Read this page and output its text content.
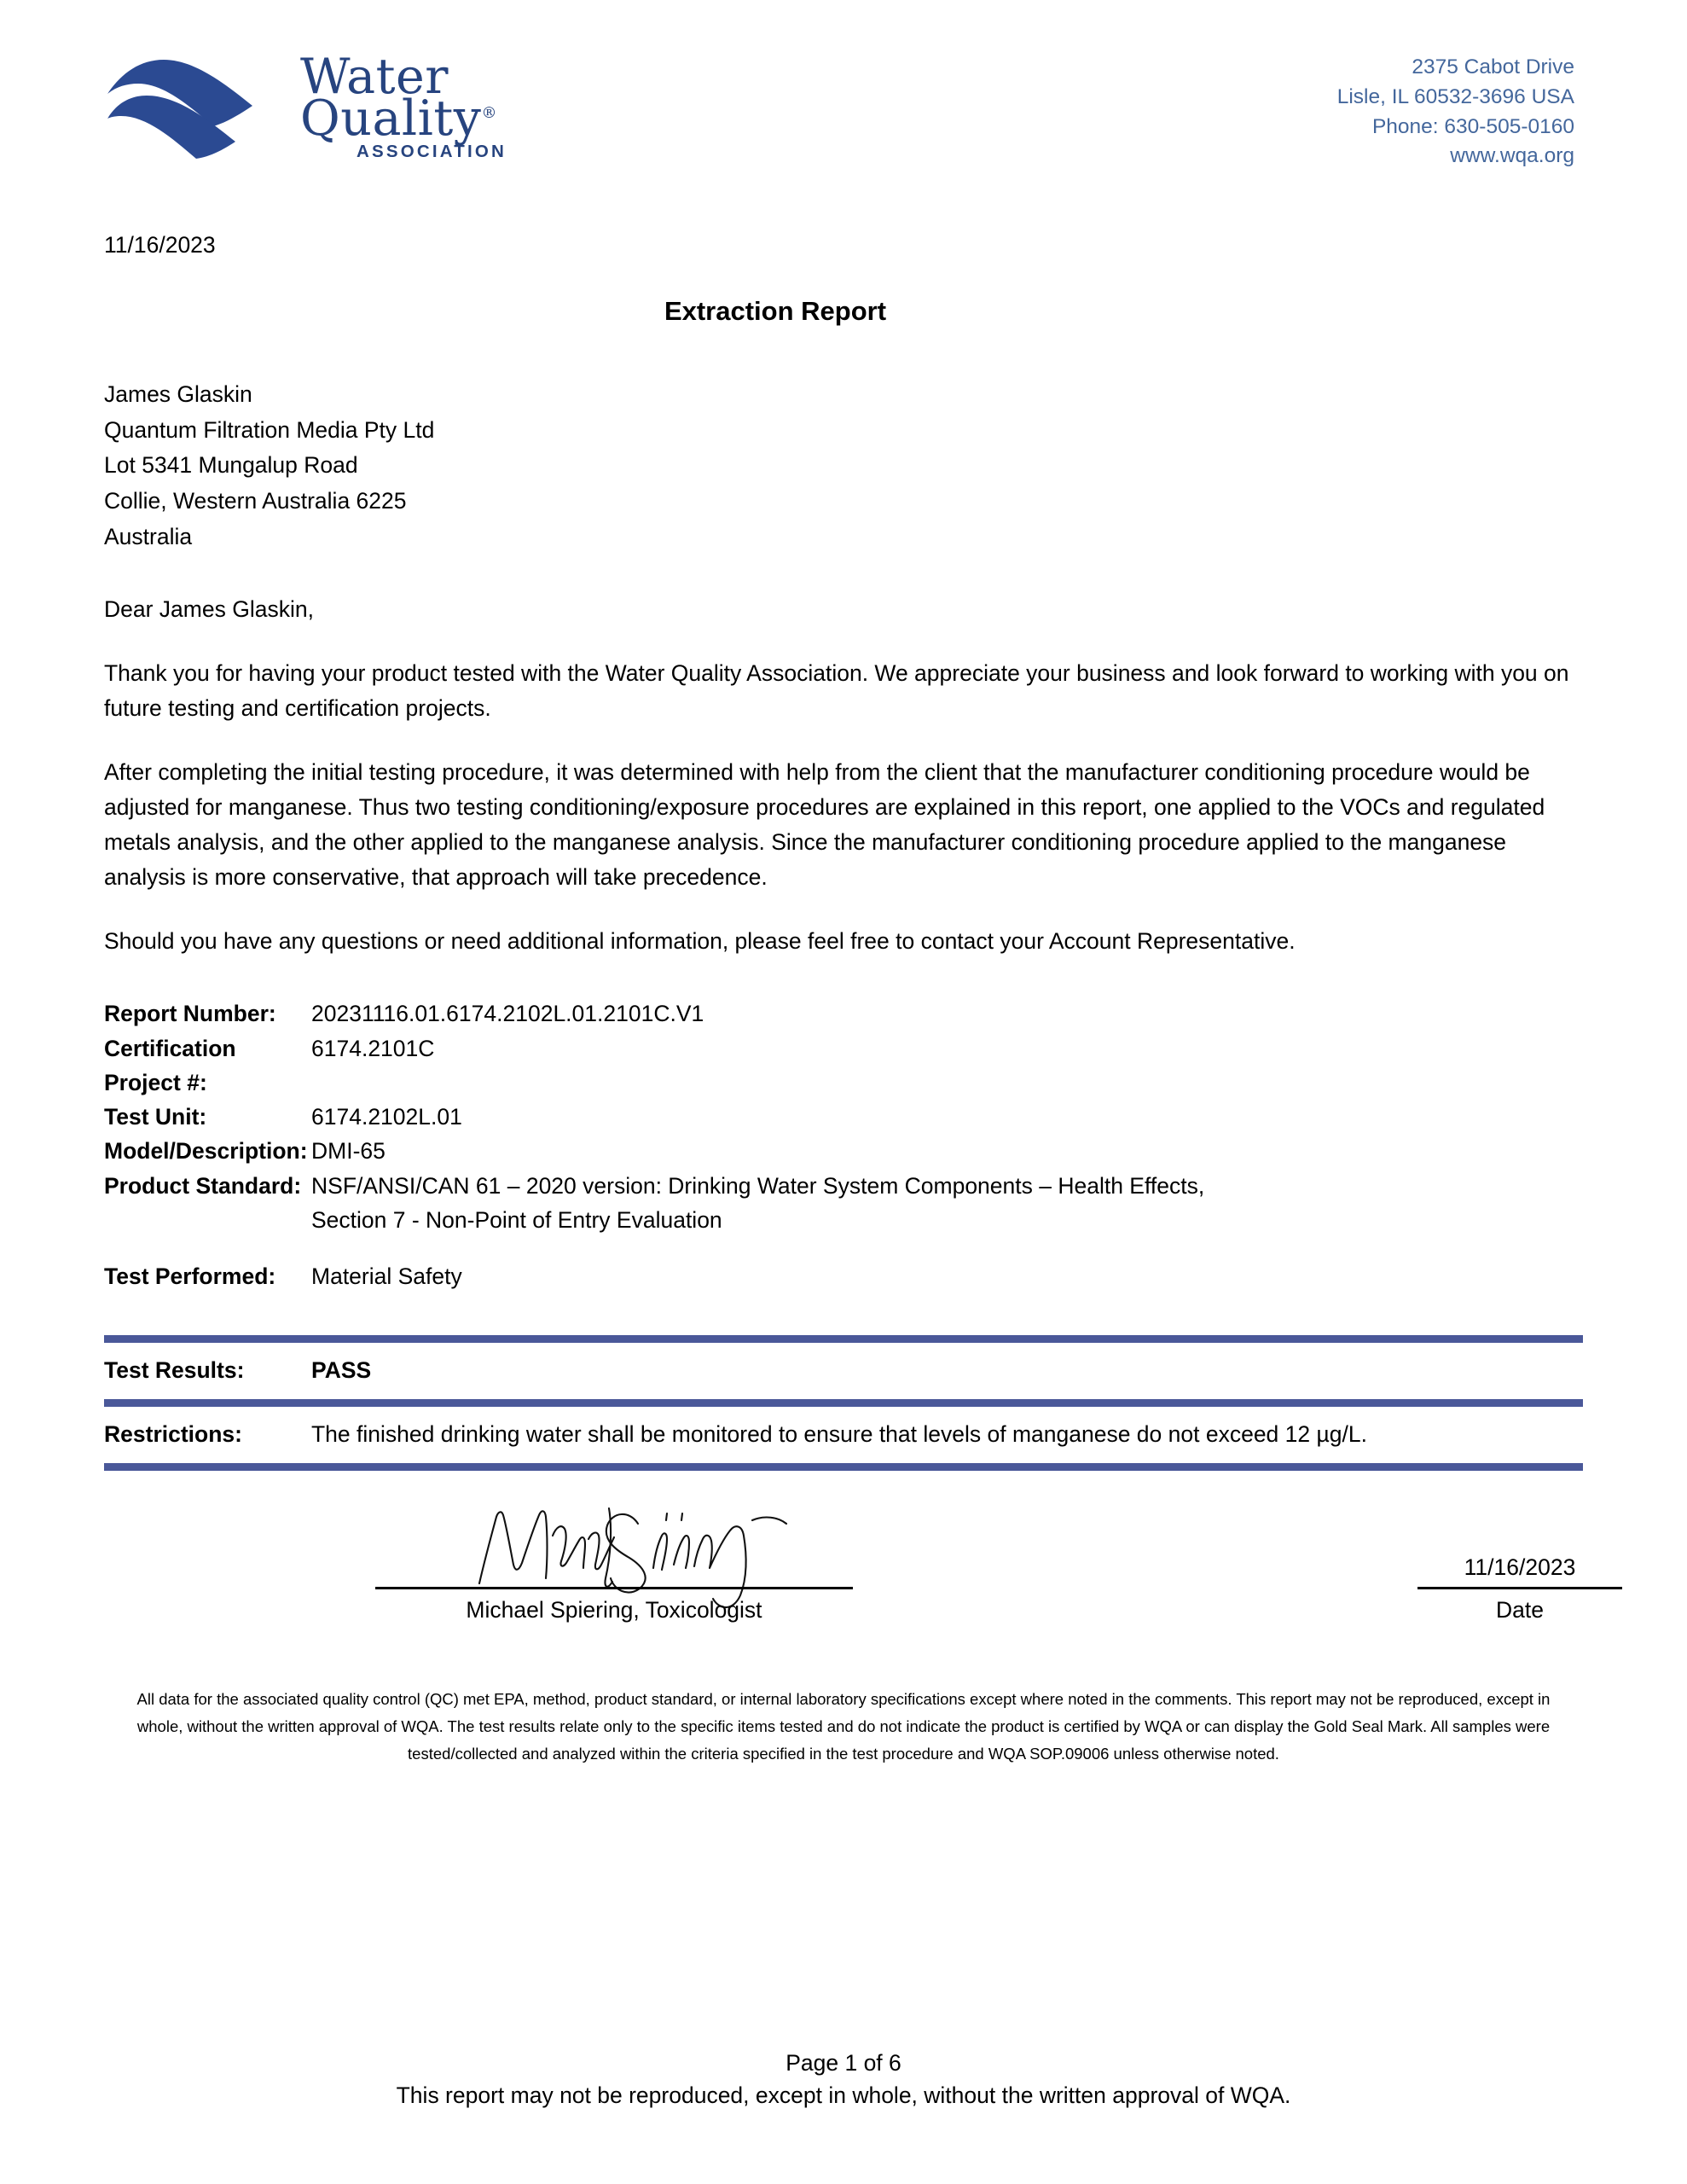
Water
Quality®
ASSOCIATION
2375 Cabot Drive
Lisle, IL 60532-3696 USA
Phone: 630-505-0160
www.wqa.org
11/16/2023
Extraction Report
James Glaskin
Quantum Filtration Media Pty Ltd
Lot 5341 Mungalup Road
Collie, Western Australia 6225
Australia
Dear James Glaskin,
Thank you for having your product tested with the Water Quality Association. We appreciate your business and look forward to working with you on future testing and certification projects.
After completing the initial testing procedure, it was determined with help from the client that the manufacturer conditioning procedure would be adjusted for manganese. Thus two testing conditioning/exposure procedures are explained in this report, one applied to the VOCs and regulated metals analysis, and the other applied to the manganese analysis. Since the manufacturer conditioning procedure applied to the manganese analysis is more conservative, that approach will take precedence.
Should you have any questions or need additional information, please feel free to contact your Account Representative.
Report Number:	20231116.01.6174.2102L.01.2101C.V1
Certification Project #:
6174.2101C
Test Unit:	6174.2102L.01
Model/Description: DMI-65
Product Standard: NSF/ANSI/CAN 61 – 2020 version: Drinking Water System Components – Health Effects,
Section 7 - Non-Point of Entry Evaluation
Test Performed:	Material Safety
Test Results:	PASS
Restrictions:	The finished drinking water shall be monitored to ensure that levels of manganese do not exceed 12 µg/L.
Michael Spiering, Toxicologist
11/16/2023
Date
All data for the associated quality control (QC) met EPA, method, product standard, or internal laboratory specifications except where noted in the comments. This report may not be reproduced, except in whole, without the written approval of WQA. The test results relate only to the specific items tested and do not indicate the product is certified by WQA or can display the Gold Seal Mark. All samples were tested/collected and analyzed within the criteria specified in the test procedure and WQA SOP.09006 unless otherwise noted.
Page 1 of 6
This report may not be reproduced, except in whole, without the written approval of WQA.
